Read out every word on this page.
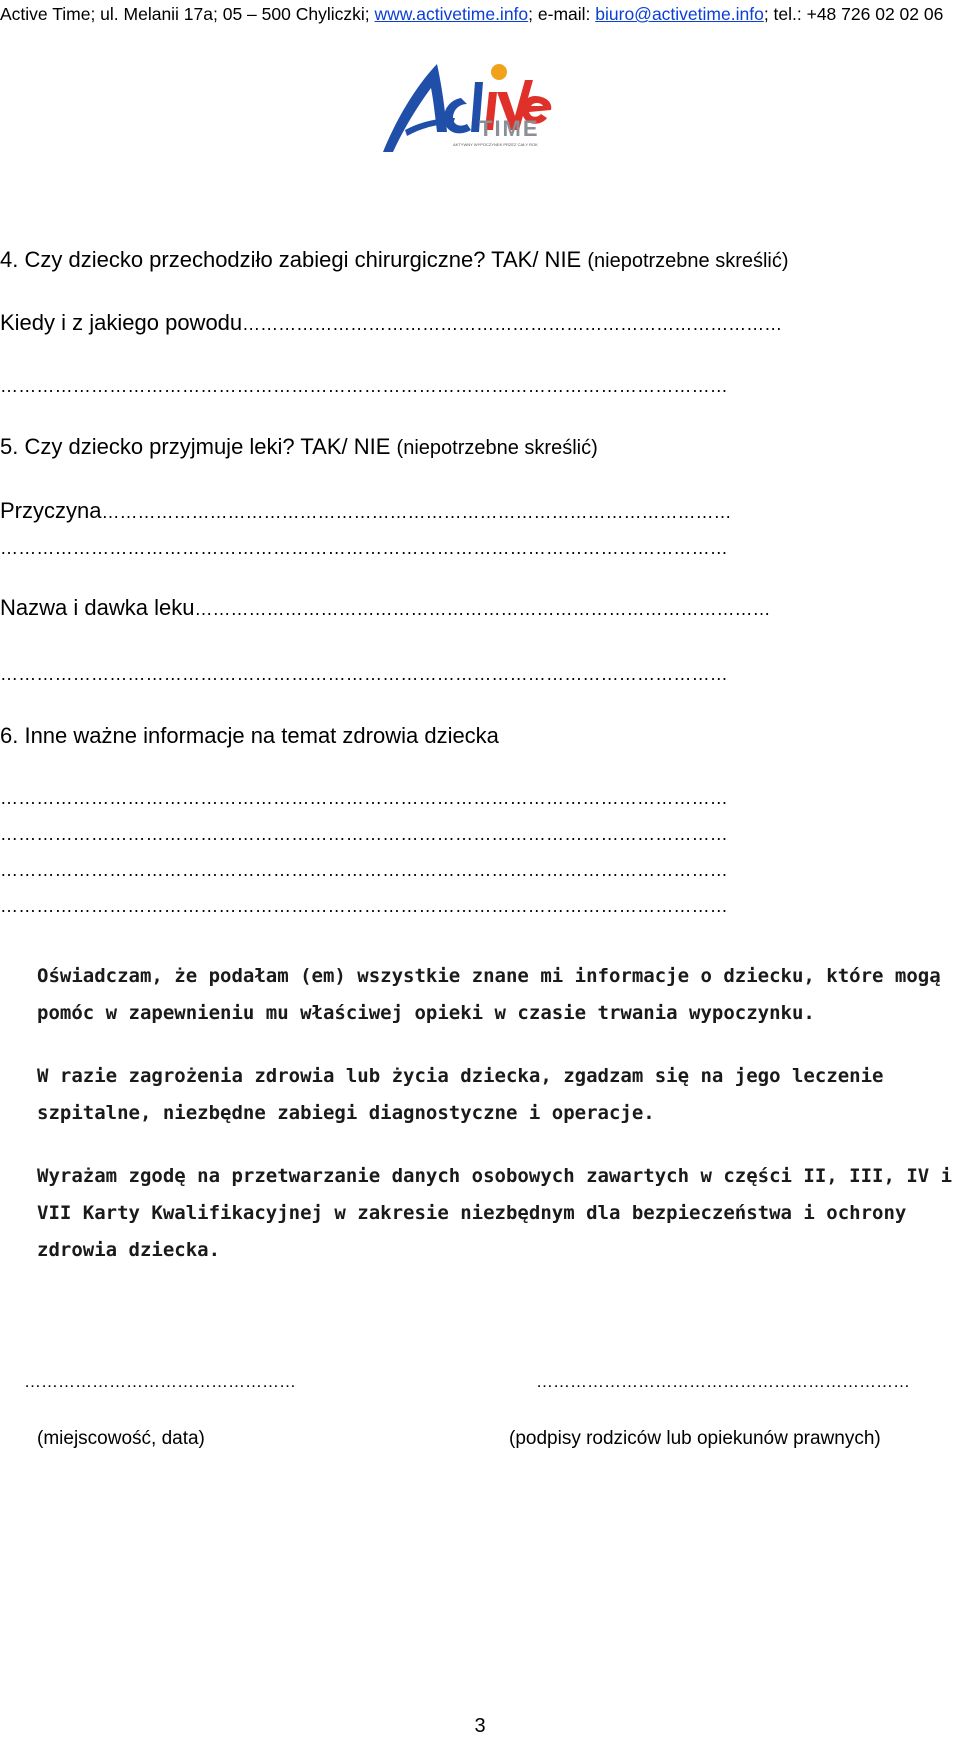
Active Time; ul. Melanii 17a; 05 – 500 Chyliczki; www.activetime.info; e-mail: biuro@activetime.info; tel.: +48 726 02 02 06
TIME
AKTYWNY WYPOCZYNEK PRZEZ CAŁY ROK
4. Czy dziecko przechodziło zabiegi chirurgiczne? TAK/ NIE (niepotrzebne skreślić)
Kiedy i z jakiego powodu………………………………………………………………………………
…………………………………………………………………………………………………………
5. Czy dziecko przyjmuje leki? TAK/ NIE (niepotrzebne skreślić)
Przyczyna……………………………………………………………………………………………
…………………………………………………………………………………………………………
Nazwa i dawka leku……………………………………………………………………………………
…………………………………………………………………………………………………………
6. Inne ważne informacje na temat zdrowia dziecka
…………………………………………………………………………………………………………
…………………………………………………………………………………………………………
…………………………………………………………………………………………………………
…………………………………………………………………………………………………………
Oświadczam, że podałam (em) wszystkie znane mi informacje o dziecku, które mogą pomóc w zapewnieniu mu właściwej opieki w czasie trwania wypoczynku.
W razie zagrożenia zdrowia lub życia dziecka, zgadzam się na jego leczenie szpitalne, niezbędne zabiegi diagnostyczne i operacje.
Wyrażam zgodę na przetwarzanie danych osobowych zawartych w części II, III, IV i VII Karty Kwalifikacyjnej w zakresie niezbędnym dla bezpieczeństwa i ochrony zdrowia dziecka.
…………………………………………	…………………………………………………………
(miejscowość, data)	(podpisy rodziców lub opiekunów prawnych)
3
